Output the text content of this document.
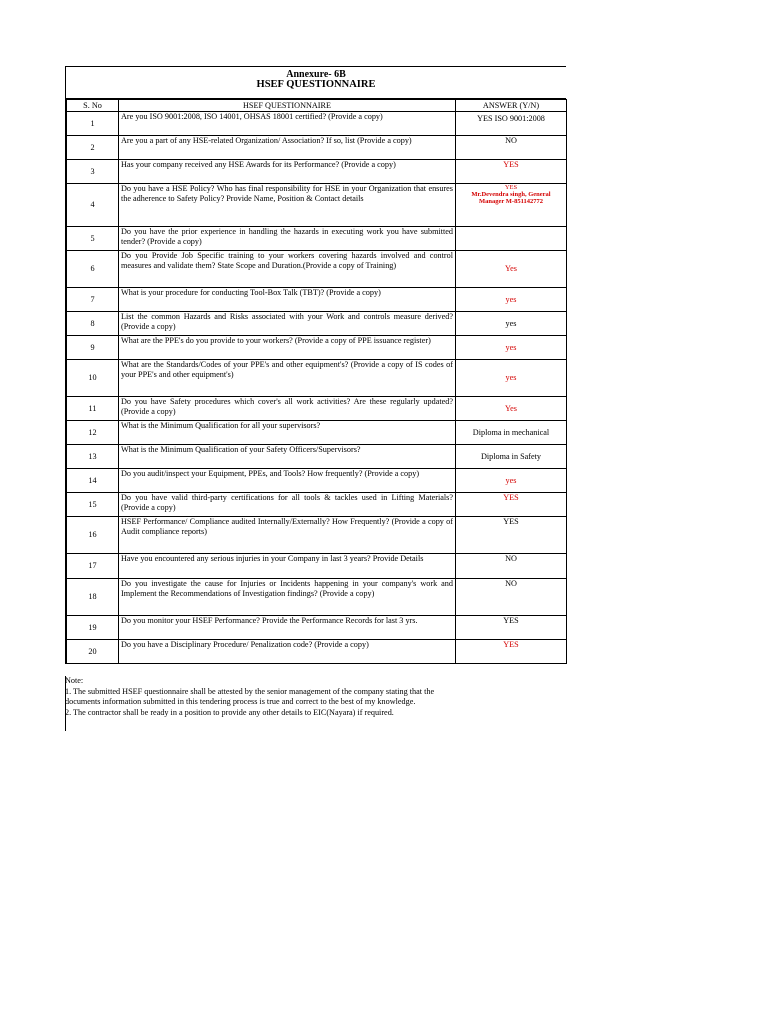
Annexure- 6B
HSEF QUESTIONNAIRE
S. No	HSEF QUESTIONNAIRE	ANSWER (Y/N)
1	Are you ISO 9001:2008, ISO 14001, OHSAS 18001 certified? (Provide a copy)	YES ISO 9001:2008
2	Are you a part of any HSE-related Organization/ Association? If so, list (Provide a copy)	NO
3	Has your company received any HSE Awards for its Performance? (Provide a copy)	YES
4	Do you have a HSE Policy? Who has final responsibility for HSE in your Organization that ensures the adherence to Safety Policy? Provide Name, Position & Contact details	YES
Mr.Devendra singh, General Manager M-851142772

5	Do you have the prior experience in handling the hazards in executing work you have submitted tender? (Provide a copy)	
6	Do you Provide Job Specific training to your workers covering hazards involved and control measures and validate them? State Scope and Duration.(Provide a copy of Training)	Yes
7	What is your procedure for conducting Tool-Box Talk (TBT)? (Provide a copy)	yes
8	List the common Hazards and Risks associated with your Work and controls measure derived? (Provide a copy)	yes
9	What are the PPE's do you provide to your workers? (Provide a copy of PPE issuance register)	yes
10	What are the Standards/Codes of your PPE's and other equipment's? (Provide a copy of IS codes of your PPE's and other equipment's)	yes
11	Do you have Safety procedures which cover's all work activities? Are these regularly updated? (Provide a copy)	Yes
12	What is the Minimum Qualification for all your supervisors?	Diploma in mechanical
13	What is the Minimum Qualification of your Safety Officers/Supervisors?	Diploma in Safety
14	Do you audit/inspect your Equipment, PPEs, and Tools? How frequently? (Provide a copy)	yes
15	Do you have valid third-party certifications for all tools & tackles used in Lifting Materials? (Provide a copy)	YES
16	HSEF Performance/ Compliance audited Internally/Externally? How Frequently? (Provide a copy of Audit compliance reports)	YES
17	Have you encountered any serious injuries in your Company in last 3 years? Provide Details	NO
18	Do you investigate the cause for Injuries or Incidents happening in your company's work and Implement the Recommendations of Investigation findings? (Provide a copy)	NO
19	Do you monitor your HSEF Performance? Provide the Performance Records for last 3 yrs.	YES
20	Do you have a Disciplinary Procedure/ Penalization code? (Provide a copy)	YES
Note:
1. The submitted HSEF questionnaire shall be attested by the senior management of the company stating that the
documents information submitted in this tendering process is true and correct to the best of my knowledge.
2. The contractor shall be ready in a position to provide any other details to EIC(Nayara) if required.
